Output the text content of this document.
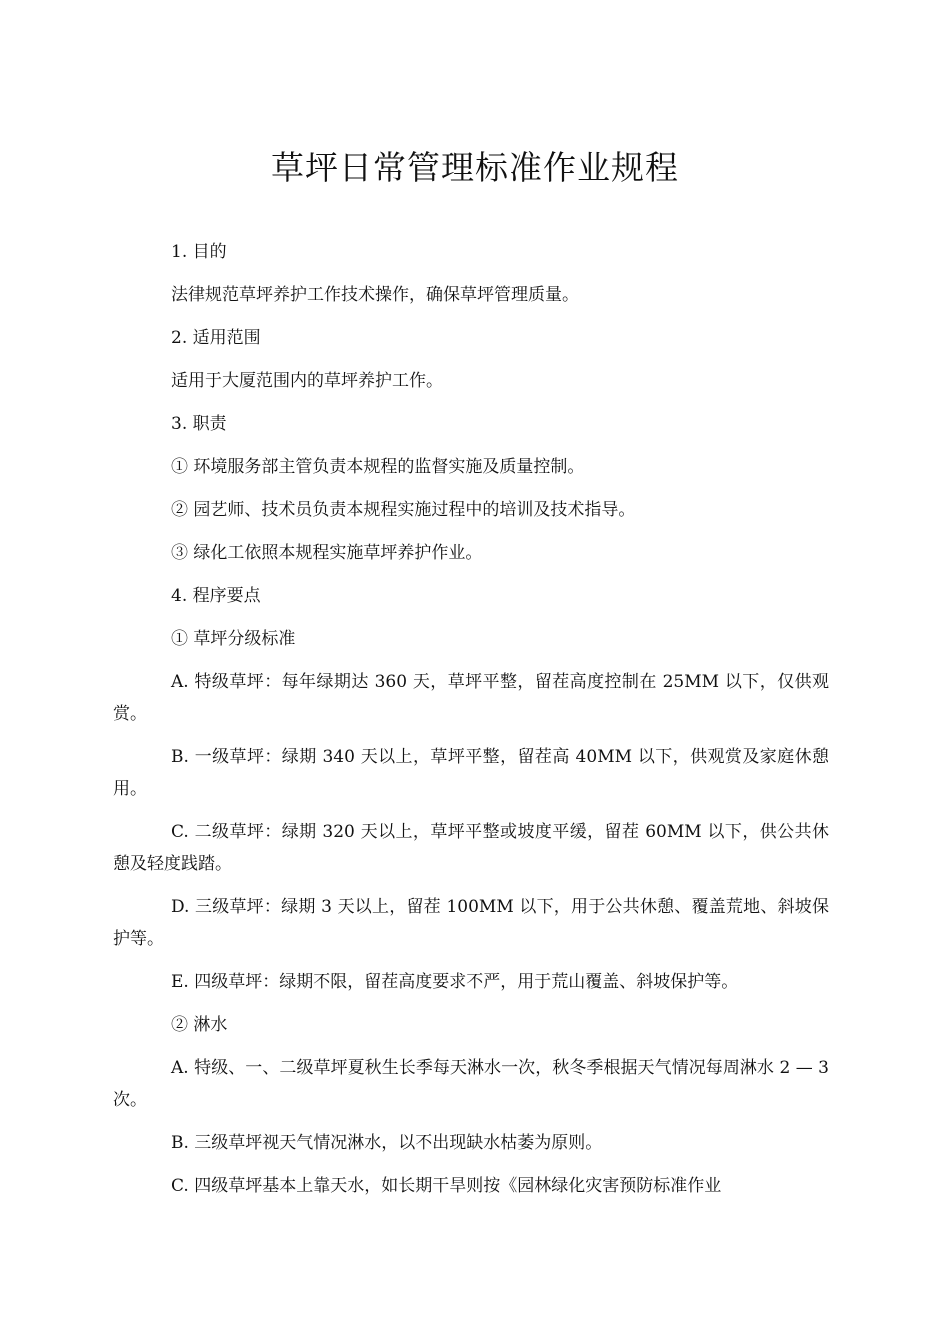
草坪日常管理标准作业规程

1. 目的

法律规范草坪养护工作技术操作，确保草坪管理质量。

2. 适用范围

适用于大厦范围内的草坪养护工作。

3. 职责

① 环境服务部主管负责本规程的监督实施及质量控制。

② 园艺师、技术员负责本规程实施过程中的培训及技术指导。

③ 绿化工依照本规程实施草坪养护作业。

4. 程序要点

① 草坪分级标准

A. 特级草坪：每年绿期达 360 天，草坪平整，留茬高度控制在 25MM 以下，仅供观赏。

B. 一级草坪：绿期 340 天以上，草坪平整，留茬高 40MM 以下，供观赏及家庭休憩用。

C. 二级草坪：绿期 320 天以上，草坪平整或坡度平缓，留茬 60MM 以下，供公共休憩及轻度践踏。

D. 三级草坪：绿期 3 天以上，留茬 100MM 以下，用于公共休憩、覆盖荒地、斜坡保护等。

E. 四级草坪：绿期不限，留茬高度要求不严，用于荒山覆盖、斜坡保护等。

② 淋水

A. 特级、一、二级草坪夏秋生长季每天淋水一次，秋冬季根据天气情况每周淋水 2 — 3 次。

B. 三级草坪视天气情况淋水，以不出现缺水枯萎为原则。

C. 四级草坪基本上靠天水，如长期干旱则按《园林绿化灾害预防标准作业
